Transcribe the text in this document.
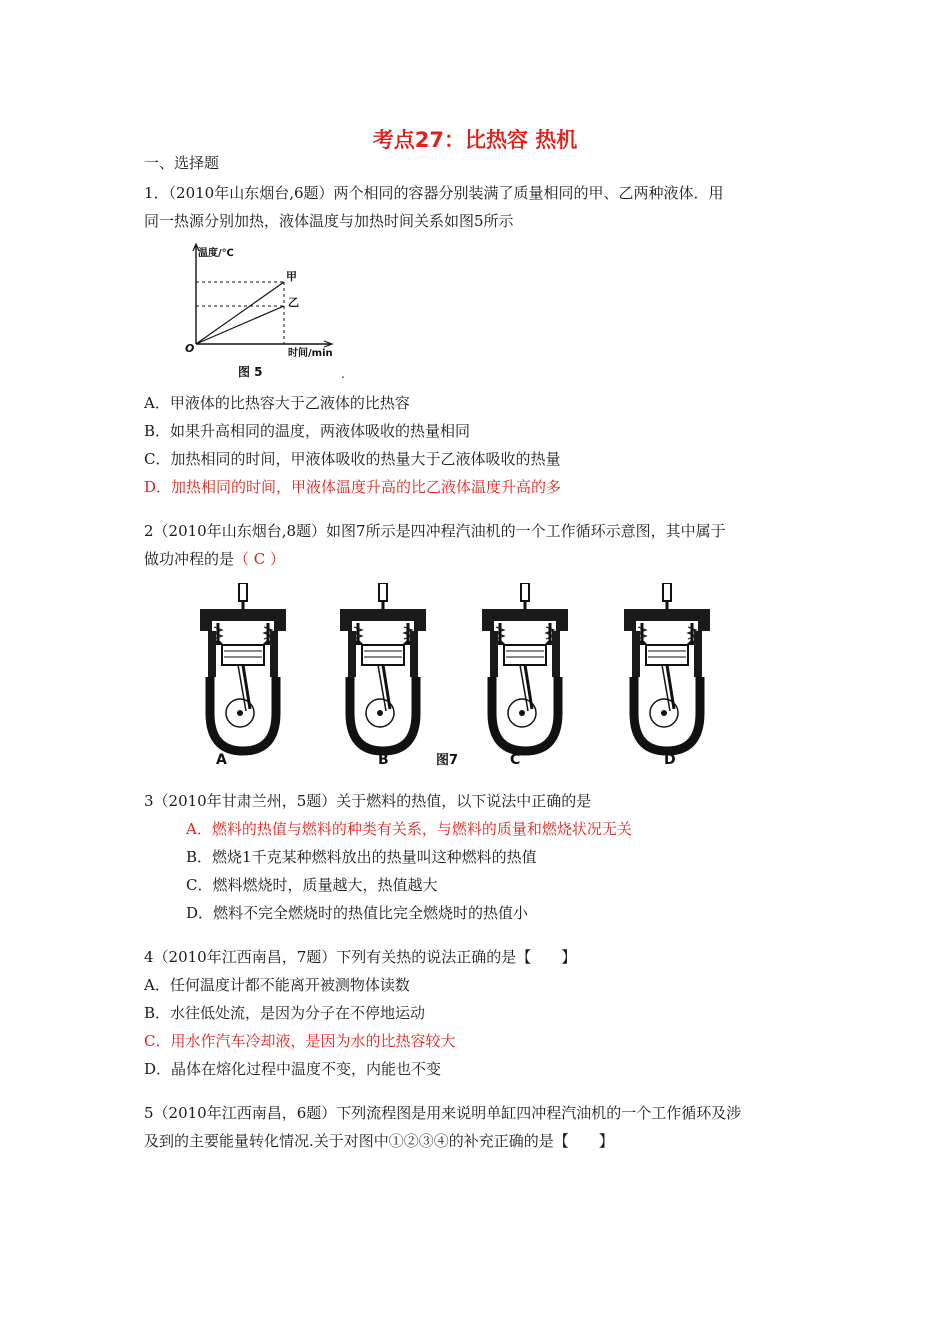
考点27：比热容 热机
一、选择题
1．（2010年山东烟台,6题）两个相同的容器分别装满了质量相同的甲、乙两种液体．用
同一热源分别加热，液体温度与加热时间关系如图5所示
温度/℃
甲
乙
O	时间/min
图 5	.
A．甲液体的比热容大于乙液体的比热容
B．如果升高相同的温度，两液体吸收的热量相同
C．加热相同的时间，甲液体吸收的热量大于乙液体吸收的热量
D．加热相同的时间，甲液体温度升高的比乙液体温度升高的多
2（2010年山东烟台,8题）如图7所示是四冲程汽油机的一个工作循环示意图，其中属于
做功冲程的是（ C ）
A	B	图7	C	D
3（2010年甘肃兰州，5题）关于燃料的热值，以下说法中正确的是
A．燃料的热值与燃料的种类有关系，与燃料的质量和燃烧状况无关
B．燃烧1千克某种燃料放出的热量叫这种燃料的热值
C．燃料燃烧时，质量越大，热值越大
D．燃料不完全燃烧时的热值比完全燃烧时的热值小
4（2010年江西南昌，7题）下列有关热的说法正确的是【　　】
A．任何温度计都不能离开被测物体读数
B．水往低处流，是因为分子在不停地运动
C．用水作汽车冷却液，是因为水的比热容较大
D．晶体在熔化过程中温度不变，内能也不变
5（2010年江西南昌，6题）下列流程图是用来说明单缸四冲程汽油机的一个工作循环及涉
及到的主要能量转化情况.关于对图中①②③④的补充正确的是【　　】
